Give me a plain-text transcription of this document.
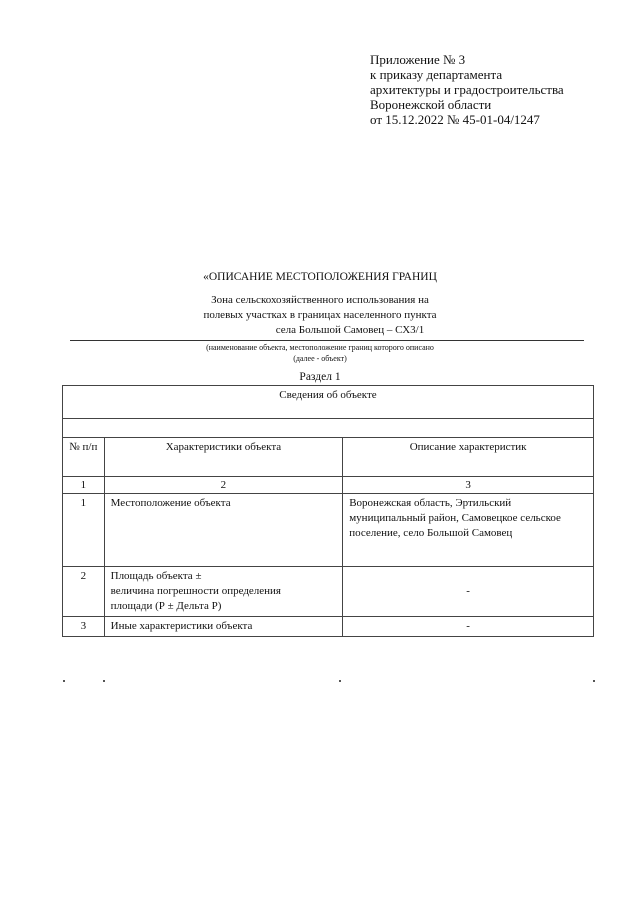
Приложение № 3
к приказу департамента
архитектуры и градостроительства
Воронежской области
от 15.12.2022 № 45-01-04/1247
«ОПИСАНИЕ МЕСТОПОЛОЖЕНИЯ ГРАНИЦ
Зона сельскохозяйственного использования на
полевых участках в границах населенного пункта
села Большой Самовец – СХ3/1
(наименование объекта, местоположение границ которого описано
(далее - объект)
Раздел 1
Сведения об объекте		

№ п/п	Характеристики объекта	Описание характеристик
1	2	3
1	Местоположение объекта	Воронежская область, Эртильский муниципальный район, Самовецкое сельское поселение, село Большой Самовец
2	Площадь объекта ±
величина погрешности определения
площади (Р ± Дельта Р)	-
3	Иные характеристики объекта	-
